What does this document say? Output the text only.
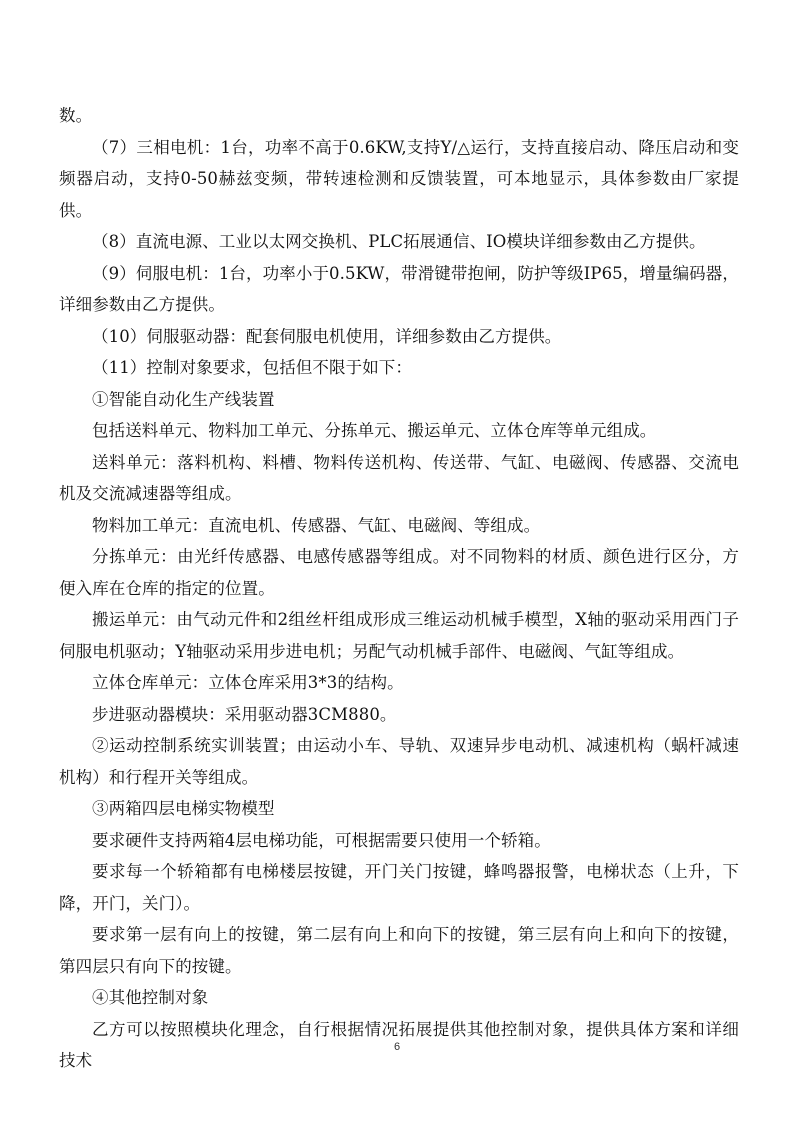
数。

（7）三相电机：1台，功率不高于0.6KW,支持Y/△运行，支持直接启动、降压启动和变频器启动，支持0-50赫兹变频，带转速检测和反馈装置，可本地显示，具体参数由厂家提供。

（8）直流电源、工业以太网交换机、PLC拓展通信、IO模块详细参数由乙方提供。

（9）伺服电机：1台，功率小于0.5KW，带滑键带抱闸，防护等级IP65，增量编码器，详细参数由乙方提供。

（10）伺服驱动器：配套伺服电机使用，详细参数由乙方提供。

（11）控制对象要求，包括但不限于如下：

①智能自动化生产线装置

包括送料单元、物料加工单元、分拣单元、搬运单元、立体仓库等单元组成。

送料单元：落料机构、料槽、物料传送机构、传送带、气缸、电磁阀、传感器、交流电机及交流减速器等组成。

物料加工单元：直流电机、传感器、气缸、电磁阀、等组成。

分拣单元：由光纤传感器、电感传感器等组成。对不同物料的材质、颜色进行区分，方便入库在仓库的指定的位置。

搬运单元：由气动元件和2组丝杆组成形成三维运动机械手模型，X轴的驱动采用西门子伺服电机驱动；Y轴驱动采用步进电机；另配气动机械手部件、电磁阀、气缸等组成。

立体仓库单元：立体仓库采用3*3的结构。

步进驱动器模块：采用驱动器3CM880。

②运动控制系统实训装置；由运动小车、导轨、双速异步电动机、减速机构（蜗杆减速机构）和行程开关等组成。

③两箱四层电梯实物模型

要求硬件支持两箱4层电梯功能，可根据需要只使用一个轿箱。

要求每一个轿箱都有电梯楼层按键，开门关门按键，蜂鸣器报警，电梯状态（上升，下降，开门，关门）。

要求第一层有向上的按键，第二层有向上和向下的按键，第三层有向上和向下的按键，第四层只有向下的按键。

④其他控制对象

乙方可以按照模块化理念，自行根据情况拓展提供其他控制对象，提供具体方案和详细技术

6
